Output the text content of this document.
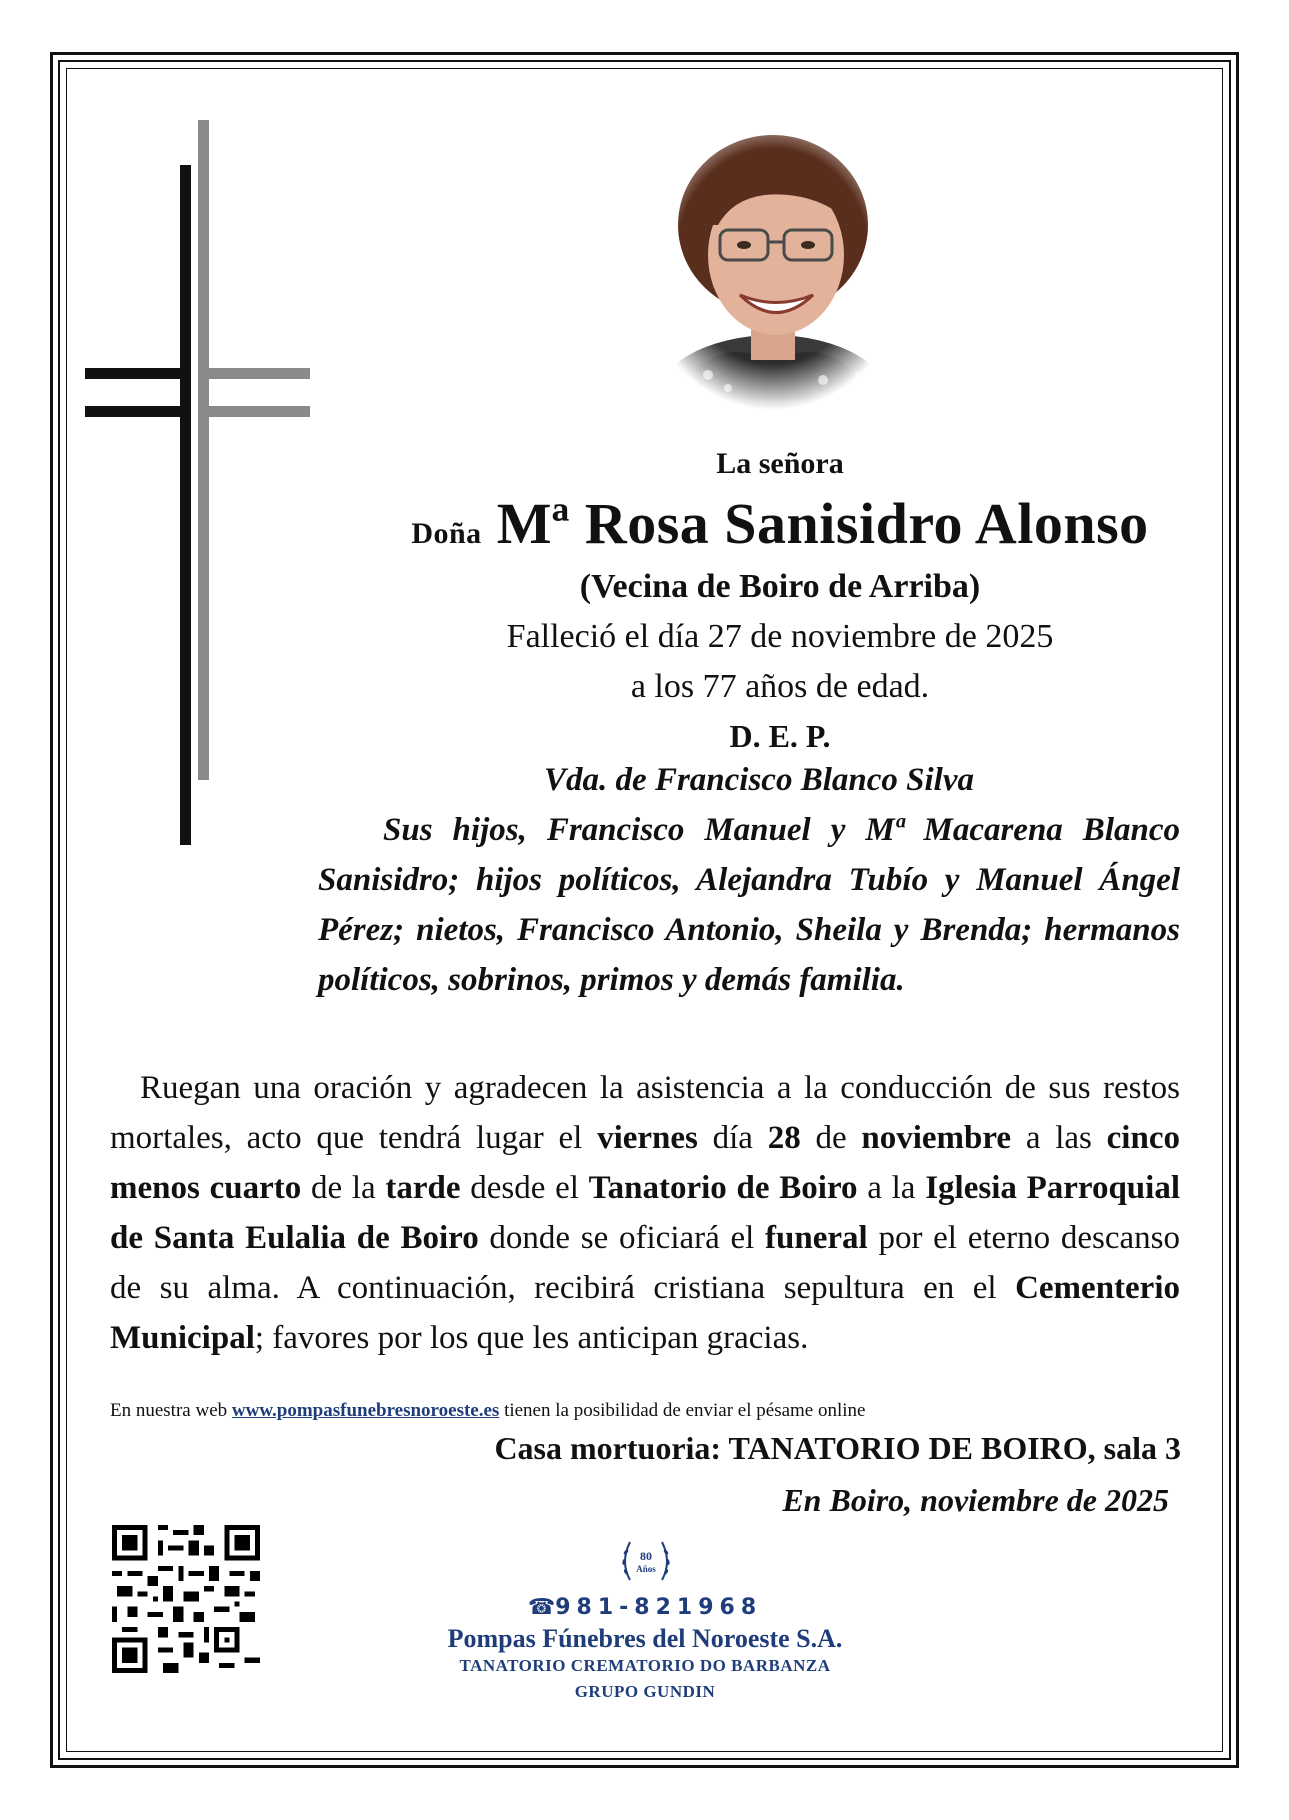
La señora
Doña Mª Rosa Sanisidro Alonso
(Vecina de Boiro de Arriba)
Falleció el día 27 de noviembre de 2025
a los 77 años de edad.
D. E. P.
Vda. de Francisco Blanco Silva
Sus hijos, Francisco Manuel y Mª Macarena Blanco Sanisidro; hijos políticos, Alejandra Tubío y Manuel Ángel Pérez; nietos, Francisco Antonio, Sheila y Brenda; hermanos políticos, sobrinos, primos y demás familia.
Ruegan una oración y agradecen la asistencia a la conducción de sus restos mortales, acto que tendrá lugar el viernes día 28 de noviembre a las cinco menos cuarto de la tarde desde el Tanatorio de Boiro a la Iglesia Parroquial de Santa Eulalia de Boiro donde se oficiará el funeral por el eterno descanso de su alma. A continuación, recibirá cristiana sepultura en el Cementerio Municipal; favores por los que les anticipan gracias.
En nuestra web www.pompasfunebresnoroeste.es tienen la posibilidad de enviar el pésame online
Casa mortuoria: TANATORIO DE BOIRO, sala 3
En Boiro, noviembre de 2025
80
Años
☎981-821968
Pompas Fúnebres del Noroeste S.A.
TANATORIO CREMATORIO DO BARBANZA
GRUPO GUNDIN
